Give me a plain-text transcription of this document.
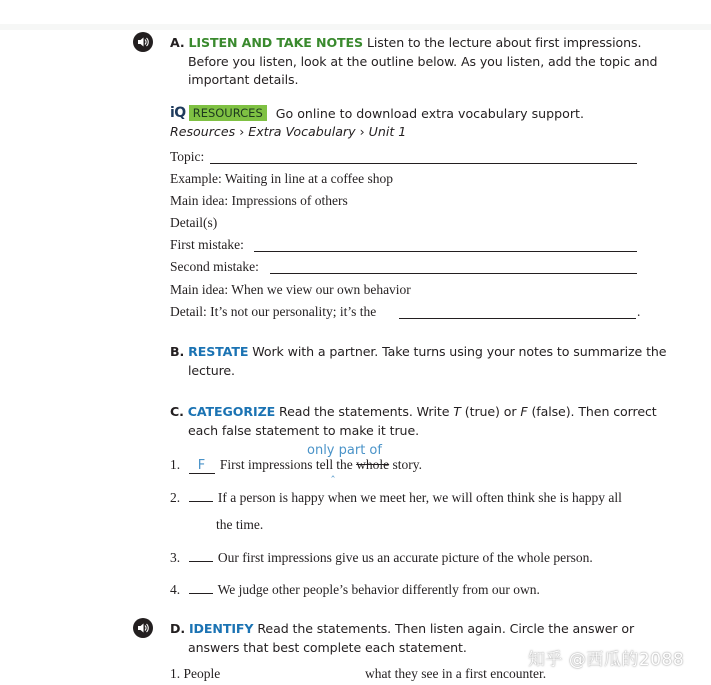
A. LISTEN AND TAKE NOTES Listen to the lecture about first impressions.
Before you listen, look at the outline below. As you listen, add the topic and
important details.
iQ RESOURCES	Go online to download extra vocabulary support.
Resources › Extra Vocabulary › Unit 1
Topic:
Example: Waiting in line at a coffee shop
Main idea: Impressions of others
Detail(s)
First mistake:
Second mistake:
Main idea: When we view our own behavior
Detail: It’s not our personality; it’s the	.
B. RESTATE Work with a partner. Take turns using your notes to summarize the
lecture.
C. CATEGORIZE Read the statements. Write T (true) or F (false). Then correct
each false statement to make it true.
only part of
1. F First impressions tell$_‸$ the whole story.
2.	If a person is happy when we meet her, we will often think she is happy all
the time.
3.	Our first impressions give us an accurate picture of the whole person.
4.	We judge other people’s behavior differently from our own.
D. IDENTIFY Read the statements. Then listen again. Circle the answer or
answers that best complete each statement.
1. People	what they see in a first encounter.
知乎 @西瓜的2088
